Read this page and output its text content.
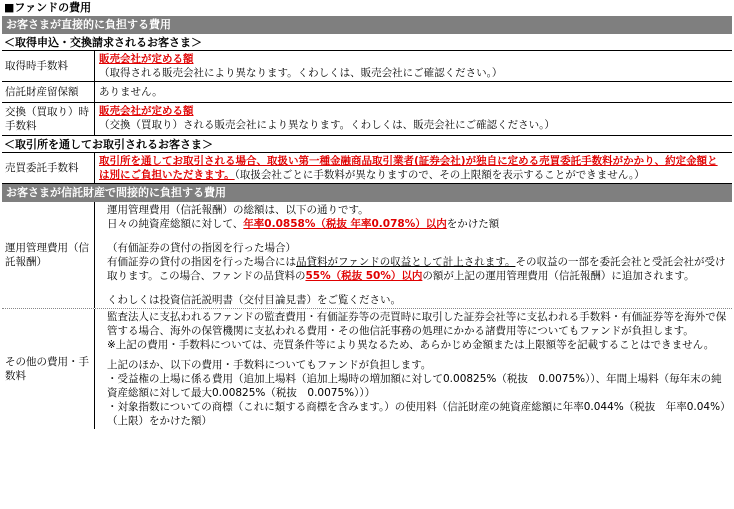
■ファンドの費用
お客さまが直接的に負担する費用
＜取得申込・交換請求されるお客さま＞
取得時手数料
販売会社が定める額
（取得される販売会社により異なります。くわしくは、販売会社にご確認ください。）
信託財産留保額	ありません。
交換（買取り）時手数料
販売会社が定める額
（交換（買取り）される販売会社により異なります。くわしくは、販売会社にご確認ください。）
＜取引所を通してお取引されるお客さま＞
売買委託手数料
取引所を通してお取引される場合、取扱い第一種金融商品取引業者(証券会社)が独自に定める売買委託手数料がかかり、約定金額とは別にご負担いただきます。（取扱会社ごとに手数料が異なりますので、その上限額を表示することができません。）
お客さまが信託財産で間接的に負担する費用
運用管理費用（信託報酬）
運用管理費用（信託報酬）の総額は、以下の通りです。
日々の純資産総額に対して、年率0.0858%（税抜 年率0.078%）以内をかけた額
（有価証券の貸付の指図を行った場合）
有価証券の貸付の指図を行った場合には品貸料がファンドの収益として計上されます。その収益の一部を委託会社と受託会社が受け取ります。この場合、ファンドの品貸料の55%（税抜 50%）以内の額が上記の運用管理費用（信託報酬）に追加されます。
くわしくは投資信託説明書（交付目論見書）をご覧ください。
その他の費用・手数料
監査法人に支払われるファンドの監査費用・有価証券等の売買時に取引した証券会社等に支払われる手数料・有価証券等を海外で保管する場合、海外の保管機関に支払われる費用・その他信託事務の処理にかかる諸費用等についてもファンドが負担します。
※上記の費用・手数料については、売買条件等により異なるため、あらかじめ金額または上限額等を記載することはできません。
上記のほか、以下の費用・手数料についてもファンドが負担します。
・受益権の上場に係る費用（追加上場料（追加上場時の増加額に対して0.00825%（税抜　0.0075%））、年間上場料（毎年末の純資産総額に対して最大0.00825%（税抜　0.0075%）））
・対象指数についての商標（これに類する商標を含みます。）の使用料（信託財産の純資産総額に年率0.044%（税抜　年率0.04%）（上限）をかけた額）
